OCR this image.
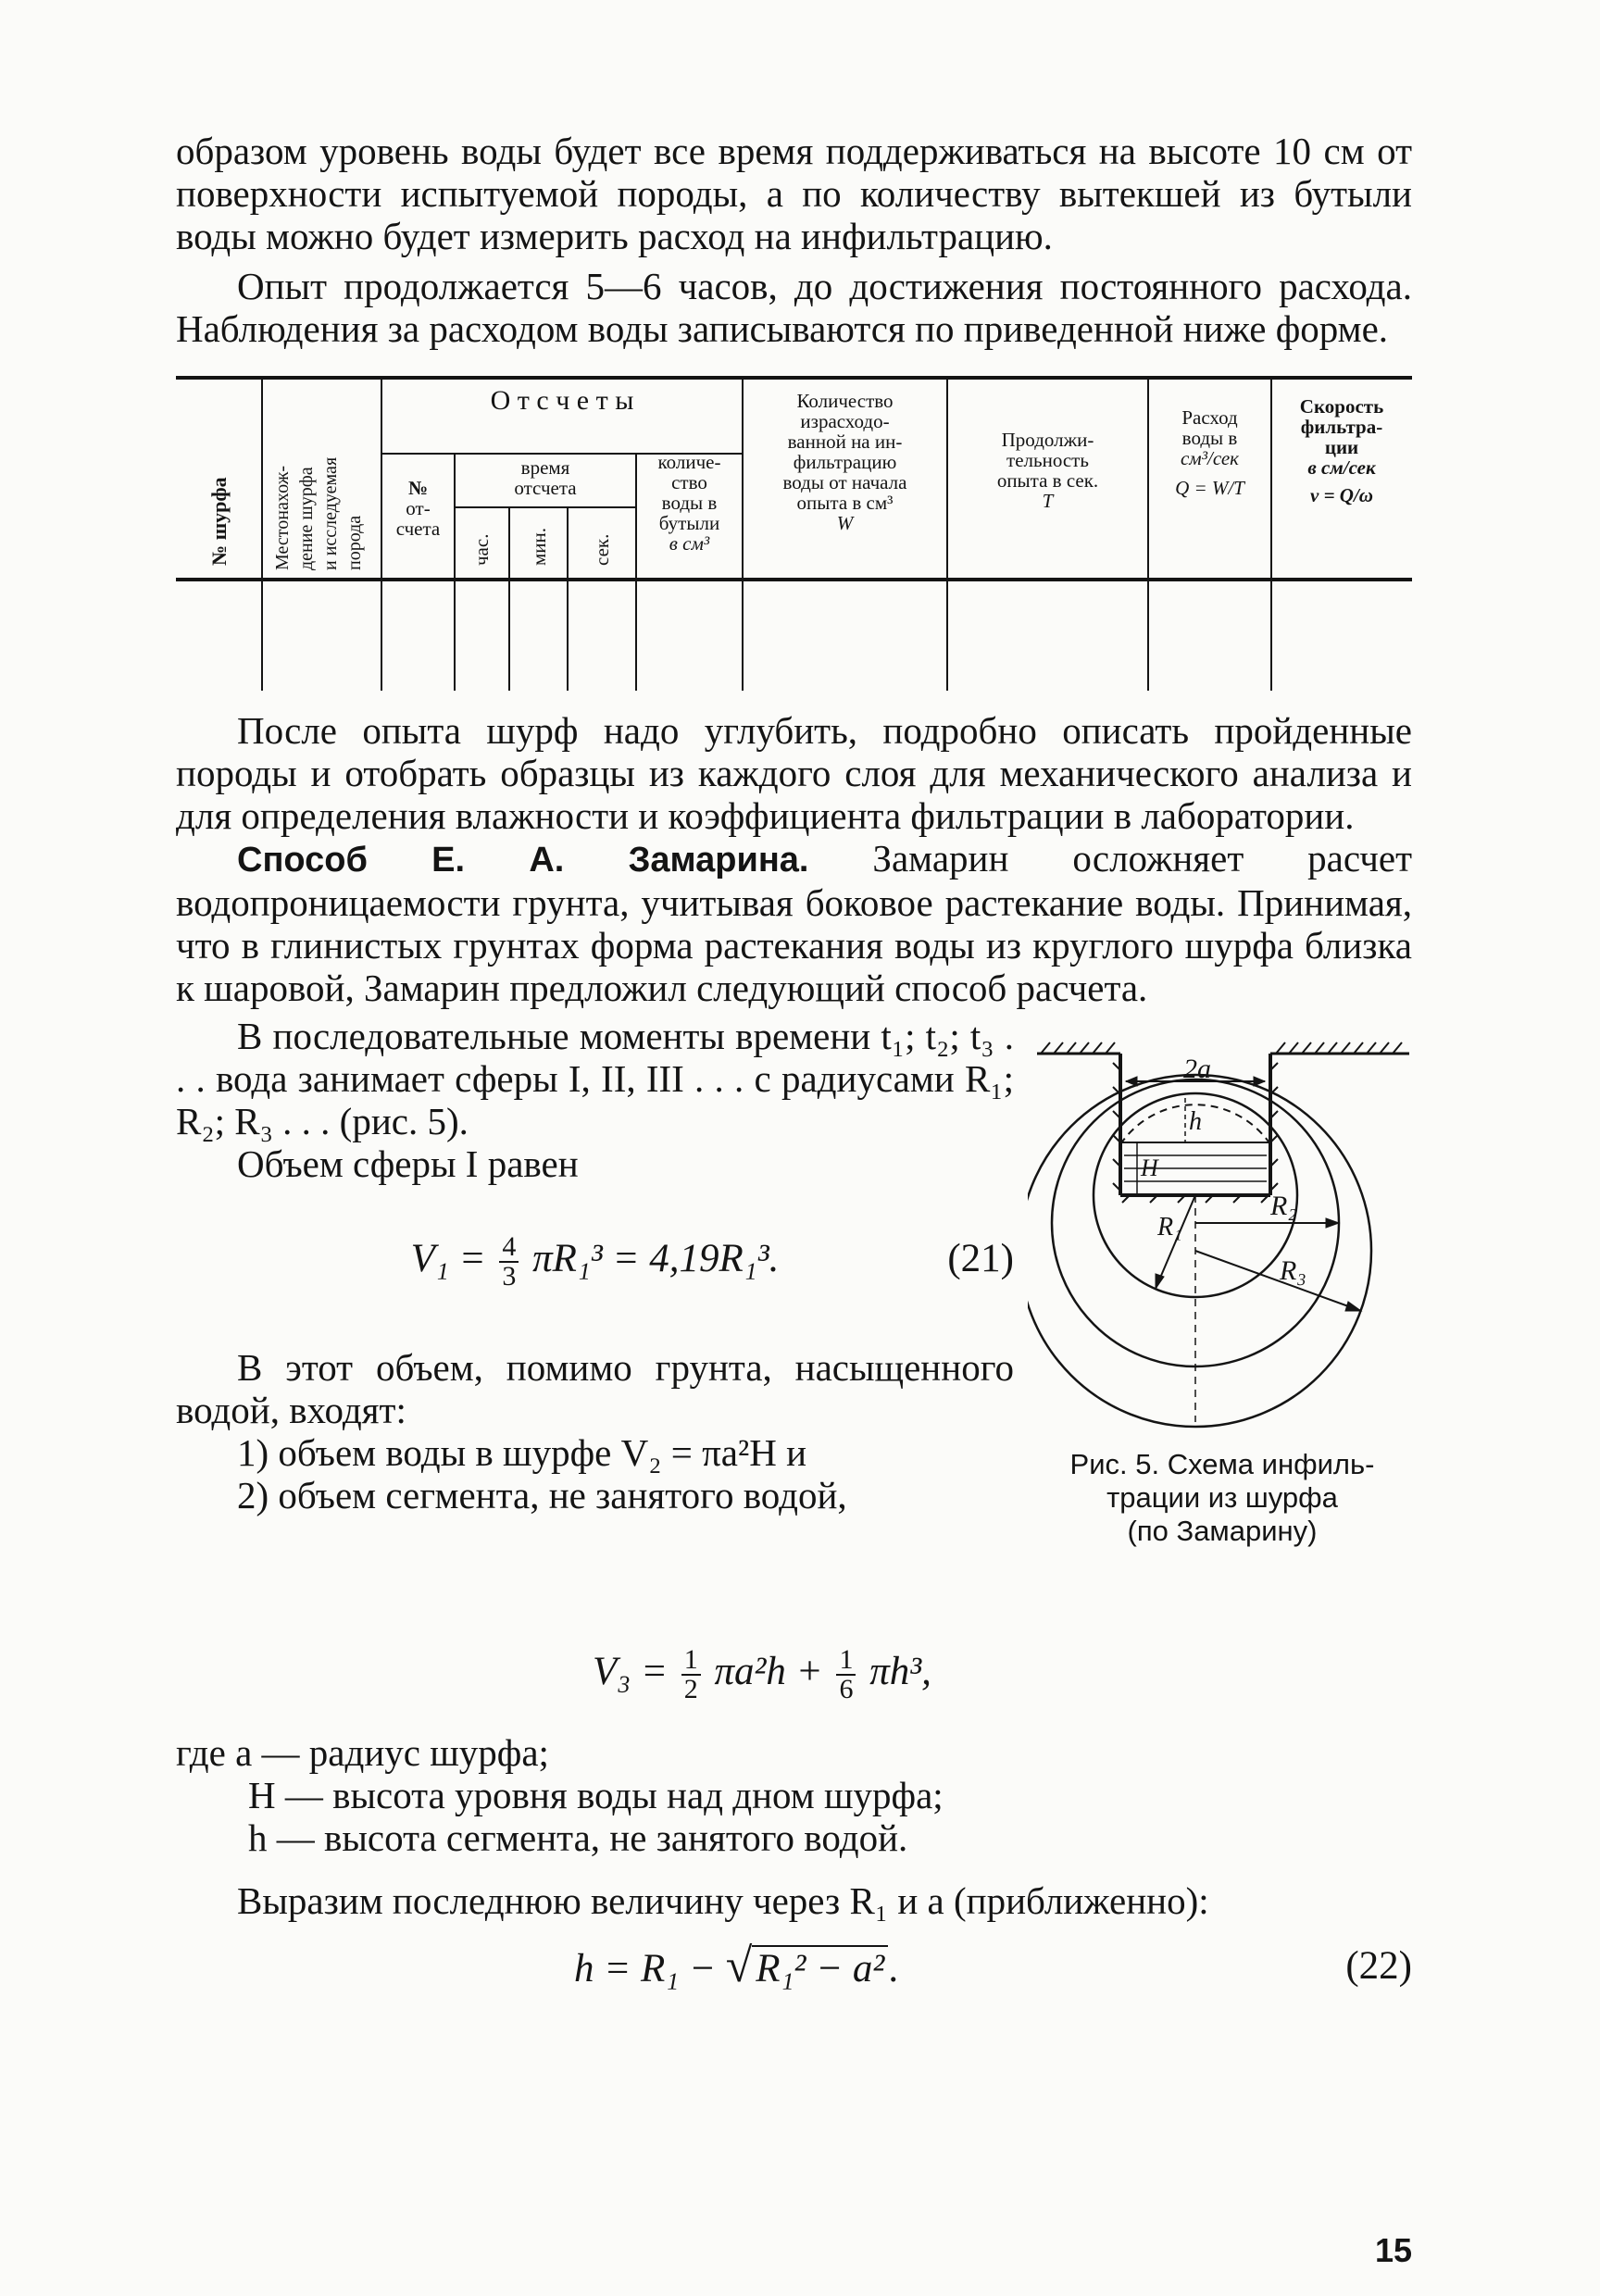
образом уровень воды будет все время поддерживаться на высоте 10 см от поверхности испытуемой породы, а по количеству вытекшей из бутыли воды можно будет измерить расход на инфильтрацию.

Опыт продолжается 5—6 часов, до достижения постоянного расхода. Наблюдения за расходом воды записываются по приведенной ниже форме.

№ шурфа Местонахож- дение шурфа и исследуемая порода
О т с ч е т ы
№
от-
счета
время
отсчета
час. мин. сек.
количе-
ство
воды в
бутыли
в см³
Количество
израсходо-
ванной на ин-
фильтрацию
воды от начала
опыта в см³
W
Продолжи-
тельность
опыта в сек.
T
Расход
воды в
см³/сек
Q = W/T
Скорость
фильтра-
ции
в см/сек
v = Q/ω

После опыта шурф надо углубить, подробно описать пройденные породы и отобрать образцы из каждого слоя для механического анализа и для определения влажности и коэффициента фильтрации в лаборатории.

Способ Е. А. Замарина. Замарин осложняет расчет водопроницаемости грунта, учитывая боковое растекание воды. Принимая, что в глинистых грунтах форма растекания воды из круглого шурфа близка к шаровой, Замарин предложил следующий способ расчета.

В последовательные моменты времени t₁; t₂; t₃ . . . вода занимает сферы I, II, III . . . с радиусами R₁; R₂; R₃ . . . (рис. 5).

Объем сферы I равен

$V_1 = \frac{4}{3} \pi R_1^3 = 4,19R_1^3$.	(21)

В этот объем, помимо грунта, насыщенного водой, входят:

1) объем воды в шурфе V₂ = πa²H и

2) объем сегмента, не занятого водой,

2a
h
H
R₁
R₂
R₃
Рис. 5. Схема инфиль-
трации из шурфа
(по Замарину)
$V_3 = \frac{1}{2} \pi a^2h + \frac{1}{6} \pi h^3$,

где a — радиус шурфа;

H — высота уровня воды над дном шурфа;

h — высота сегмента, не занятого водой.

Выразим последнюю величину через R₁ и a (приближенно):

h = R₁ − √R₁² − a².	(22)
15
